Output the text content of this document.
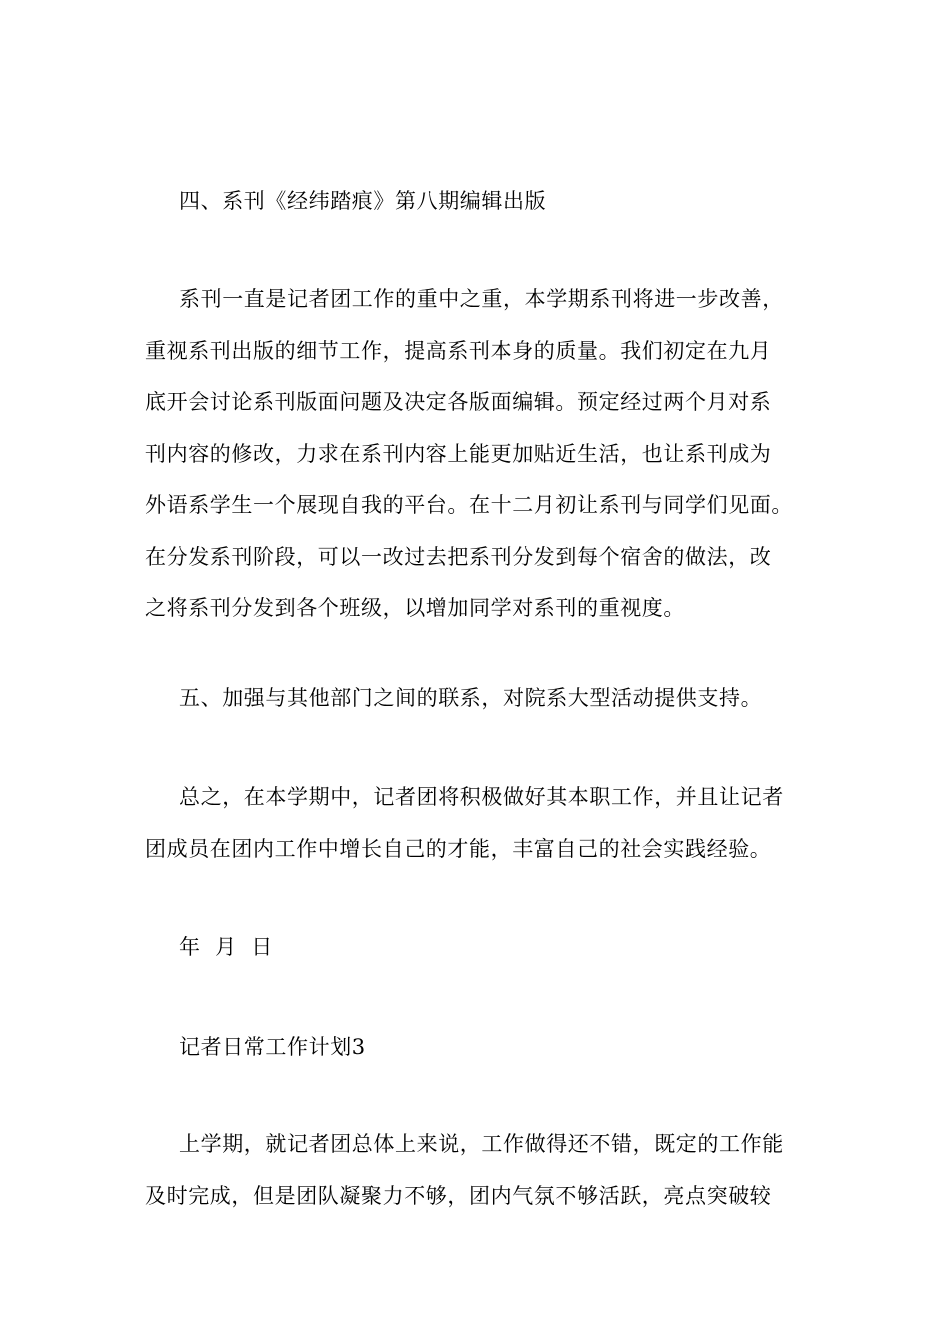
四、系刊《经纬踏痕》第八期编辑出版

系刊一直是记者团工作的重中之重，本学期系刊将进一步改善，
重视系刊出版的细节工作，提高系刊本身的质量。我们初定在九月
底开会讨论系刊版面问题及决定各版面编辑。预定经过两个月对系
刊内容的修改，力求在系刊内容上能更加贴近生活，也让系刊成为
外语系学生一个展现自我的平台。在十二月初让系刊与同学们见面。
在分发系刊阶段，可以一改过去把系刊分发到每个宿舍的做法，改
之将系刊分发到各个班级，以增加同学对系刊的重视度。

五、加强与其他部门之间的联系，对院系大型活动提供支持。

总之，在本学期中，记者团将积极做好其本职工作，并且让记者
团成员在团内工作中增长自己的才能，丰富自己的社会实践经验。

年  月  日

记者日常工作计划3

上学期，就记者团总体上来说，工作做得还不错，既定的工作能
及时完成，但是团队凝聚力不够，团内气氛不够活跃，亮点突破较
